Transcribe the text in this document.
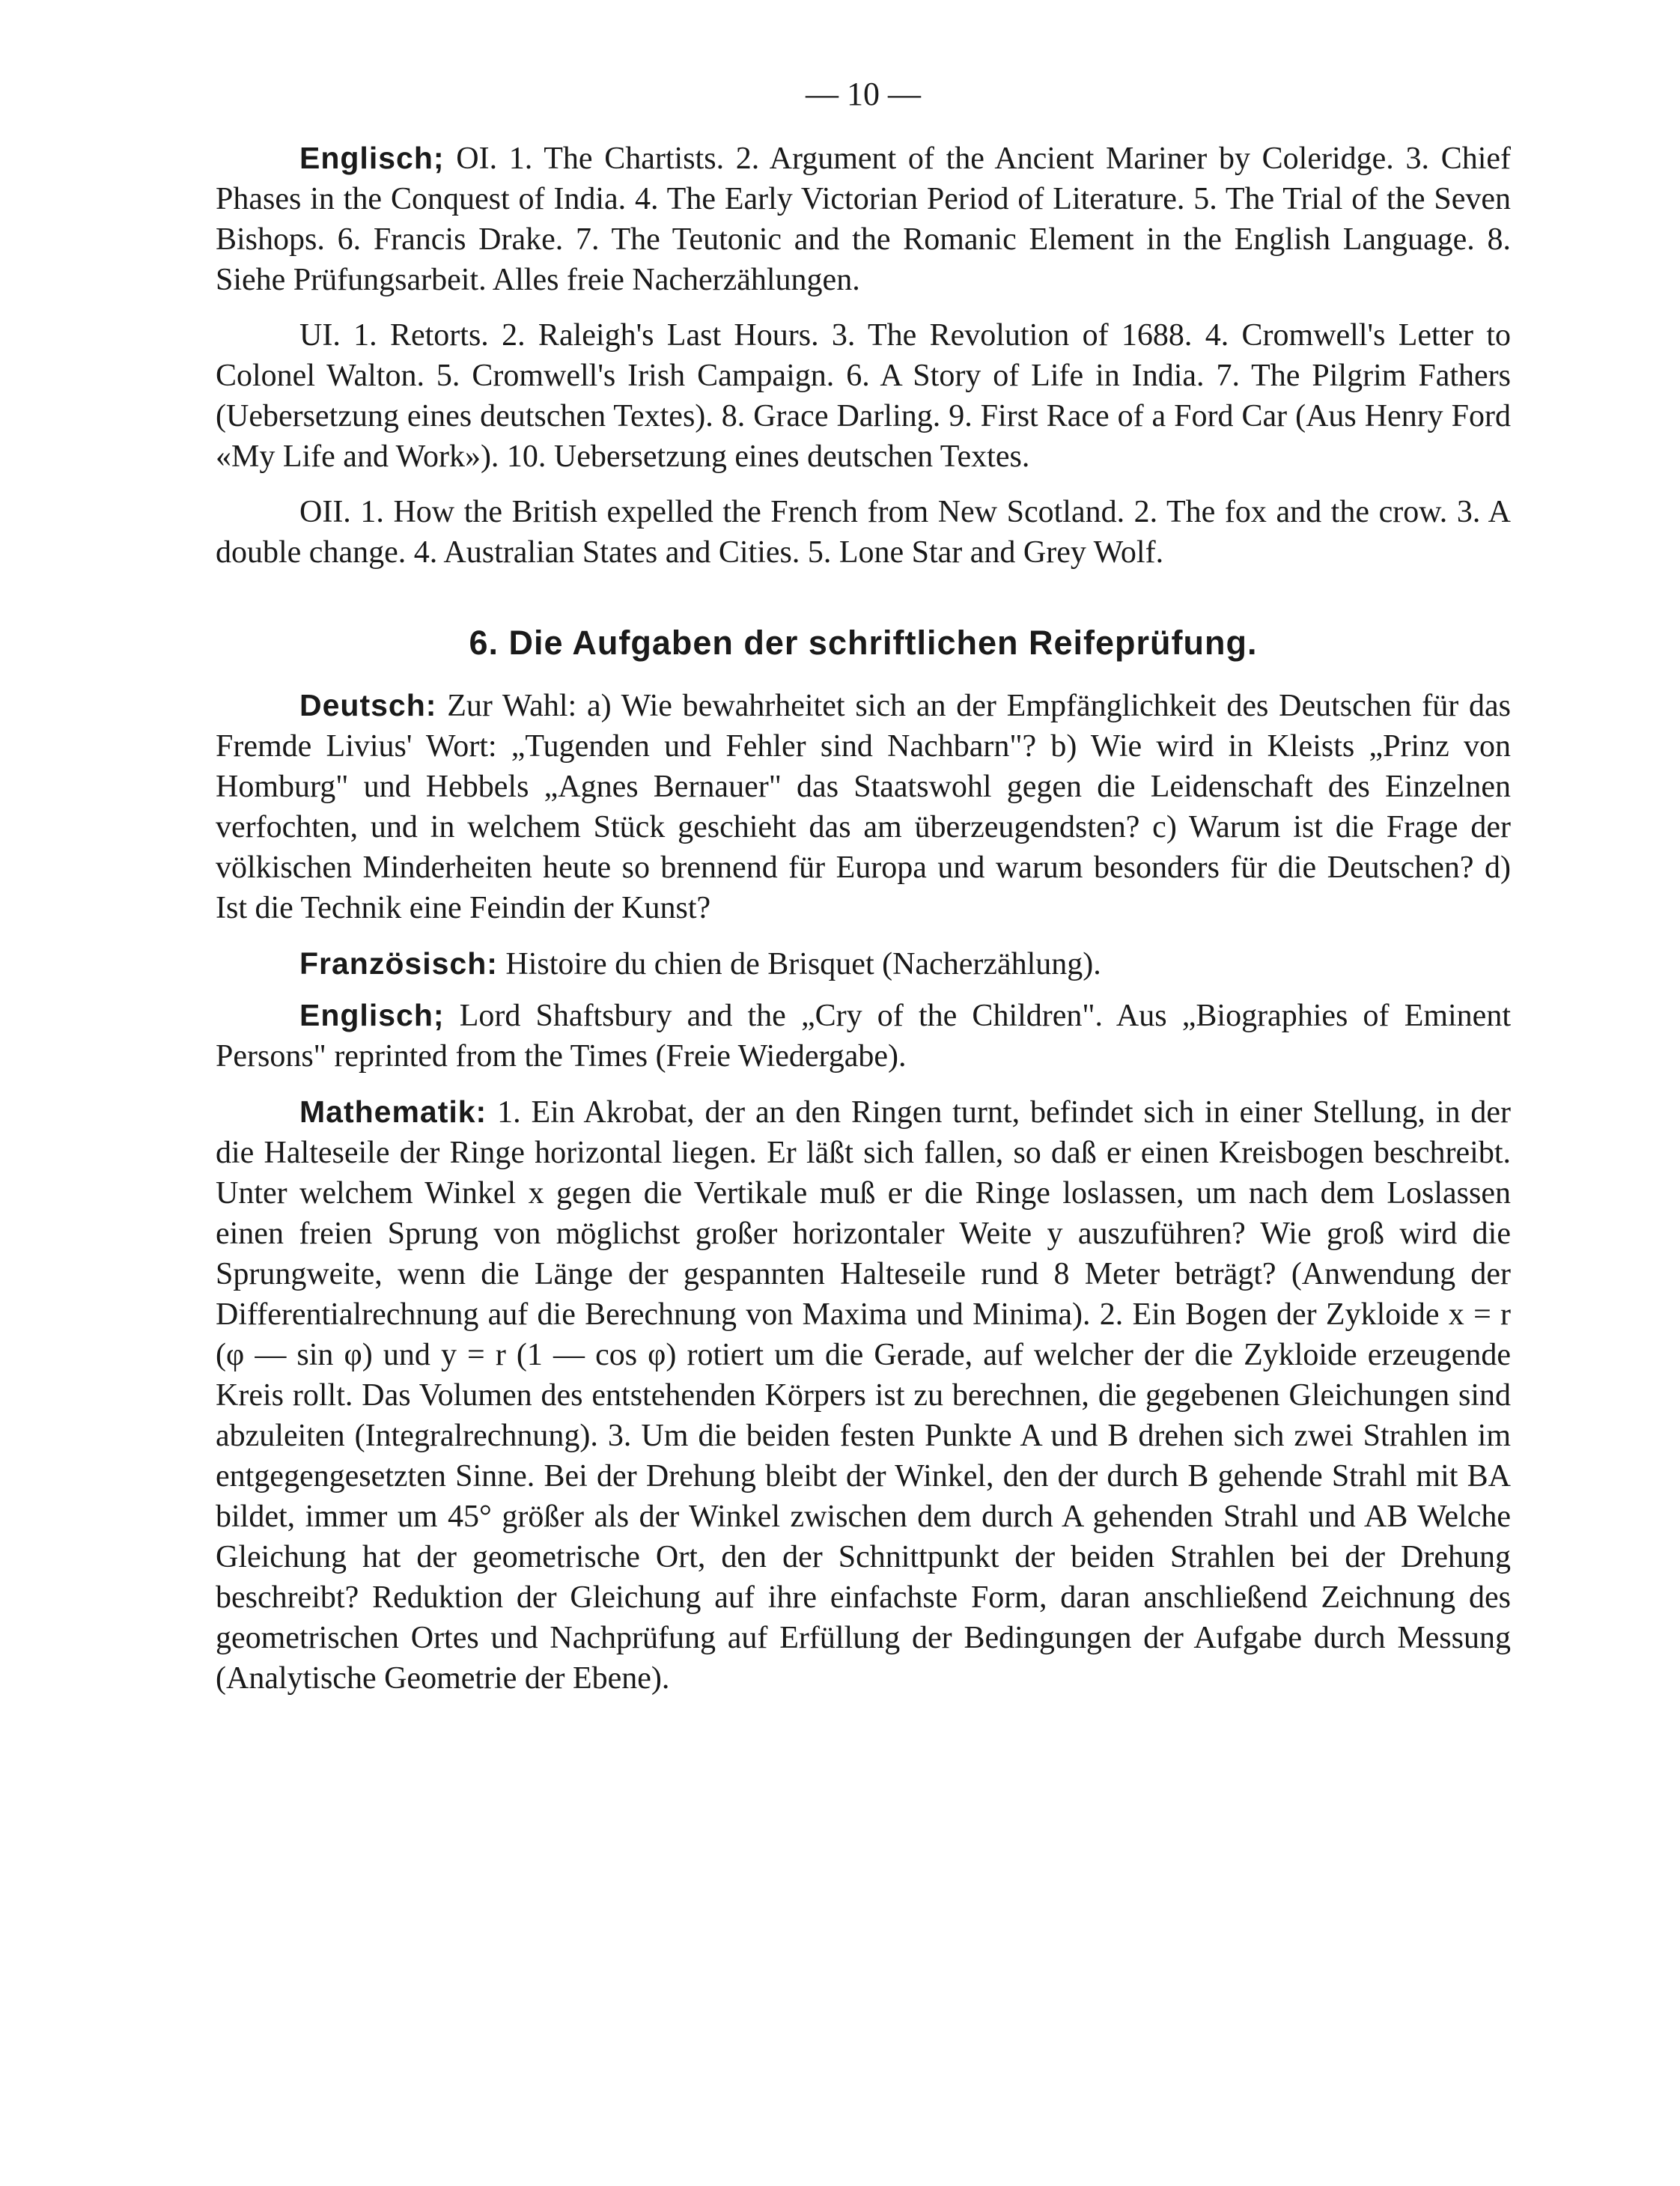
— 10 —

Englisch; OI. 1. The Chartists. 2. Argument of the Ancient Mariner by Coleridge. 3. Chief Phases in the Conquest of India. 4. The Early Victorian Period of Literature. 5. The Trial of the Seven Bishops. 6. Francis Drake. 7. The Teutonic and the Romanic Element in the English Language. 8. Siehe Prüfungsarbeit. Alles freie Nacherzählungen.

UI. 1. Retorts. 2. Raleigh's Last Hours. 3. The Revolution of 1688. 4. Cromwell's Letter to Colonel Walton. 5. Cromwell's Irish Campaign. 6. A Story of Life in India. 7. The Pilgrim Fathers (Uebersetzung eines deutschen Textes). 8. Grace Darling. 9. First Race of a Ford Car (Aus Henry Ford «My Life and Work»). 10. Uebersetzung eines deutschen Textes.

OII. 1. How the British expelled the French from New Scotland. 2. The fox and the crow. 3. A double change. 4. Australian States and Cities. 5. Lone Star and Grey Wolf.

6. Die Aufgaben der schriftlichen Reifeprüfung.

Deutsch: Zur Wahl: a) Wie bewahrheitet sich an der Empfänglichkeit des Deutschen für das Fremde Livius' Wort: „Tugenden und Fehler sind Nachbarn"? b) Wie wird in Kleists „Prinz von Homburg" und Hebbels „Agnes Bernauer" das Staatswohl gegen die Leidenschaft des Einzelnen verfochten, und in welchem Stück geschieht das am überzeugendsten? c) Warum ist die Frage der völkischen Minderheiten heute so brennend für Europa und warum besonders für die Deutschen? d) Ist die Technik eine Feindin der Kunst?

Französisch: Histoire du chien de Brisquet (Nacherzählung).

Englisch; Lord Shaftsbury and the „Cry of the Children". Aus „Biographies of Eminent Persons" reprinted from the Times (Freie Wiedergabe).

Mathematik: 1. Ein Akrobat, der an den Ringen turnt, befindet sich in einer Stellung, in der die Halteseile der Ringe horizontal liegen. Er läßt sich fallen, so daß er einen Kreisbogen beschreibt. Unter welchem Winkel x gegen die Vertikale muß er die Ringe loslassen, um nach dem Loslassen einen freien Sprung von möglichst großer horizontaler Weite y auszuführen? Wie groß wird die Sprungweite, wenn die Länge der gespannten Halteseile rund 8 Meter beträgt? (Anwendung der Differentialrechnung auf die Berechnung von Maxima und Minima). 2. Ein Bogen der Zykloide x = r (φ — sin φ) und y = r (1 — cos φ) rotiert um die Gerade, auf welcher der die Zykloide erzeugende Kreis rollt. Das Volumen des entstehenden Körpers ist zu berechnen, die gegebenen Gleichungen sind abzuleiten (Integralrechnung). 3. Um die beiden festen Punkte A und B drehen sich zwei Strahlen im entgegengesetzten Sinne. Bei der Drehung bleibt der Winkel, den der durch B gehende Strahl mit BA bildet, immer um 45° größer als der Winkel zwischen dem durch A gehenden Strahl und AB Welche Gleichung hat der geometrische Ort, den der Schnittpunkt der beiden Strahlen bei der Drehung beschreibt? Reduktion der Gleichung auf ihre einfachste Form, daran anschließend Zeichnung des geometrischen Ortes und Nachprüfung auf Erfüllung der Bedingungen der Aufgabe durch Messung (Analytische Geometrie der Ebene).
